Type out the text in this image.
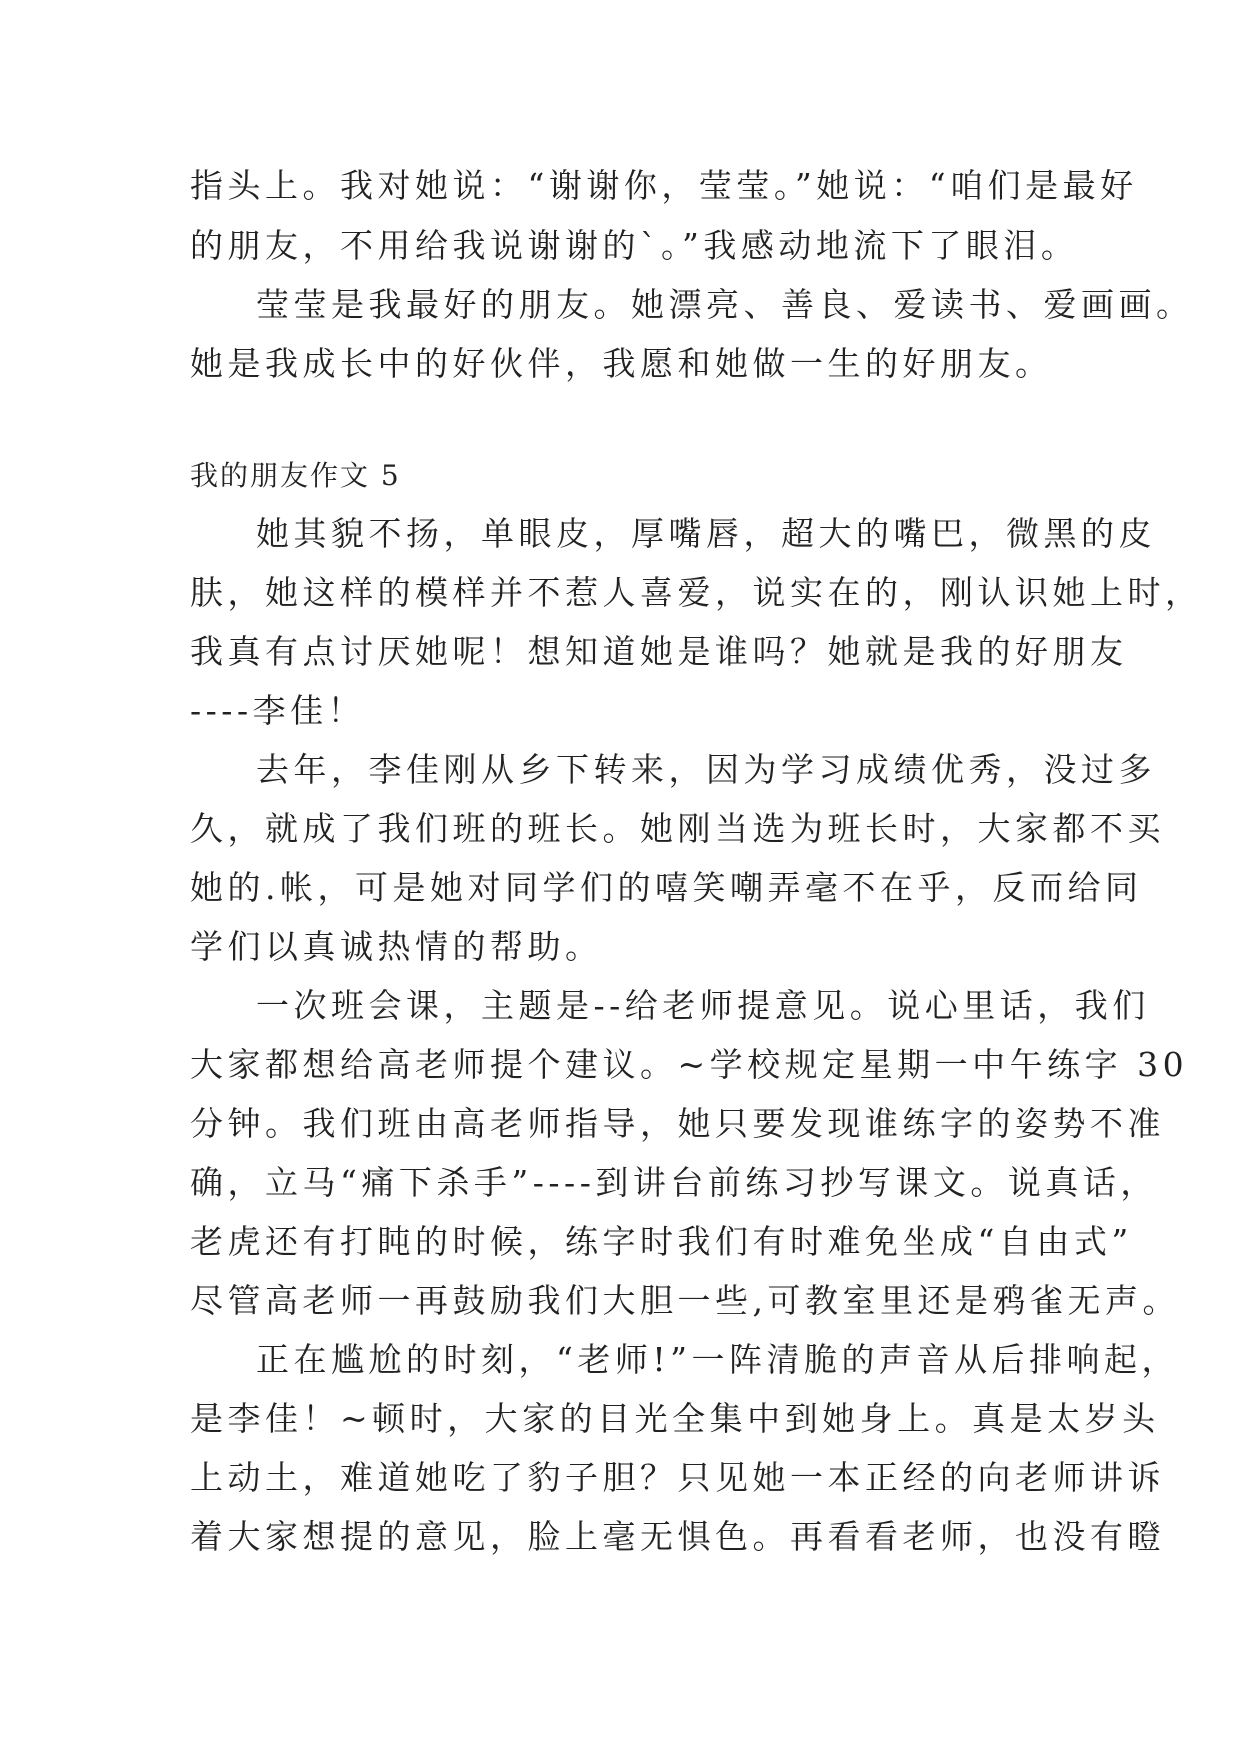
指头上。我对她说：“谢谢你，莹莹。”她说：“咱们是最好
的朋友，不用给我说谢谢的`。”我感动地流下了眼泪。
莹莹是我最好的朋友。她漂亮、善良、爱读书、爱画画。
她是我成长中的好伙伴，我愿和她做一生的好朋友。
我的朋友作文 5
她其貌不扬，单眼皮，厚嘴唇，超大的嘴巴，微黑的皮
肤，她这样的模样并不惹人喜爱，说实在的，刚认识她上时，
我真有点讨厌她呢！想知道她是谁吗？她就是我的好朋友
----李佳！
去年，李佳刚从乡下转来，因为学习成绩优秀，没过多
久，就成了我们班的班长。她刚当选为班长时，大家都不买
她的.帐，可是她对同学们的嘻笑嘲弄毫不在乎，反而给同
学们以真诚热情的帮助。
一次班会课，主题是--给老师提意见。说心里话，我们
大家都想给高老师提个建议。~学校规定星期一中午练字 30
分钟。我们班由高老师指导，她只要发现谁练字的姿势不准
确，立马“痛下杀手”----到讲台前练习抄写课文。说真话，
老虎还有打盹的时候，练字时我们有时难免坐成“自由式”
尽管高老师一再鼓励我们大胆一些,可教室里还是鸦雀无声。
正在尴尬的时刻，“老师!”一阵清脆的声音从后排响起，
是李佳！~顿时，大家的目光全集中到她身上。真是太岁头
上动土，难道她吃了豹子胆？只见她一本正经的向老师讲诉
着大家想提的意见，脸上毫无惧色。再看看老师，也没有瞪
